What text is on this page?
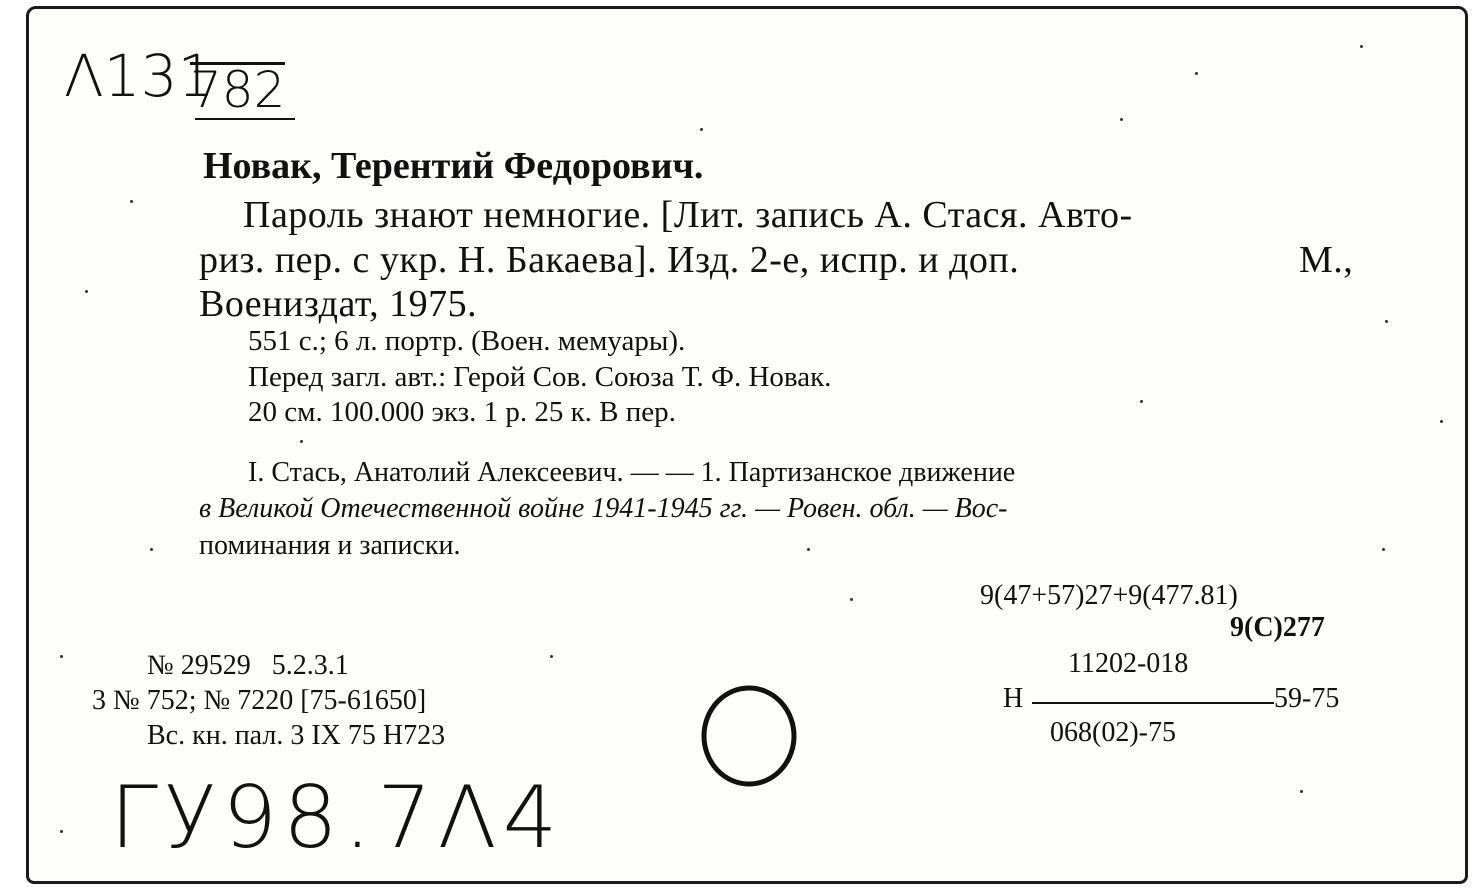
Λ131
782
Новак, Терентий Федорович.
Пароль знают немногие. [Лит. запись А. Стася. Авто-
риз. пер. с укр. Н. Бакаева]. Изд. 2-е, испр. и доп.	М.,
Воениздат, 1975.
551 с.; 6 л. портр. (Воен. мемуары).
Перед загл. авт.: Герой Сов. Союза Т. Ф. Новак.
20 см. 100.000 экз. 1 р. 25 к. В пер.
I. Стась, Анатолий Алексеевич. — — 1. Партизанское движение
в Великой Отечественной войне 1941-1945 гг. — Ровен. обл. — Вос-
поминания и записки.
9(47+57)27+9(477.81)
9(С)277
11202-018
Н	59-75
068(02)-75
№ 29529   5.2.3.1
3 № 752; № 7220 [75-61650]
Вс. кн. пал. 3 IX 75 Н723
ГУ98.7Λ4
